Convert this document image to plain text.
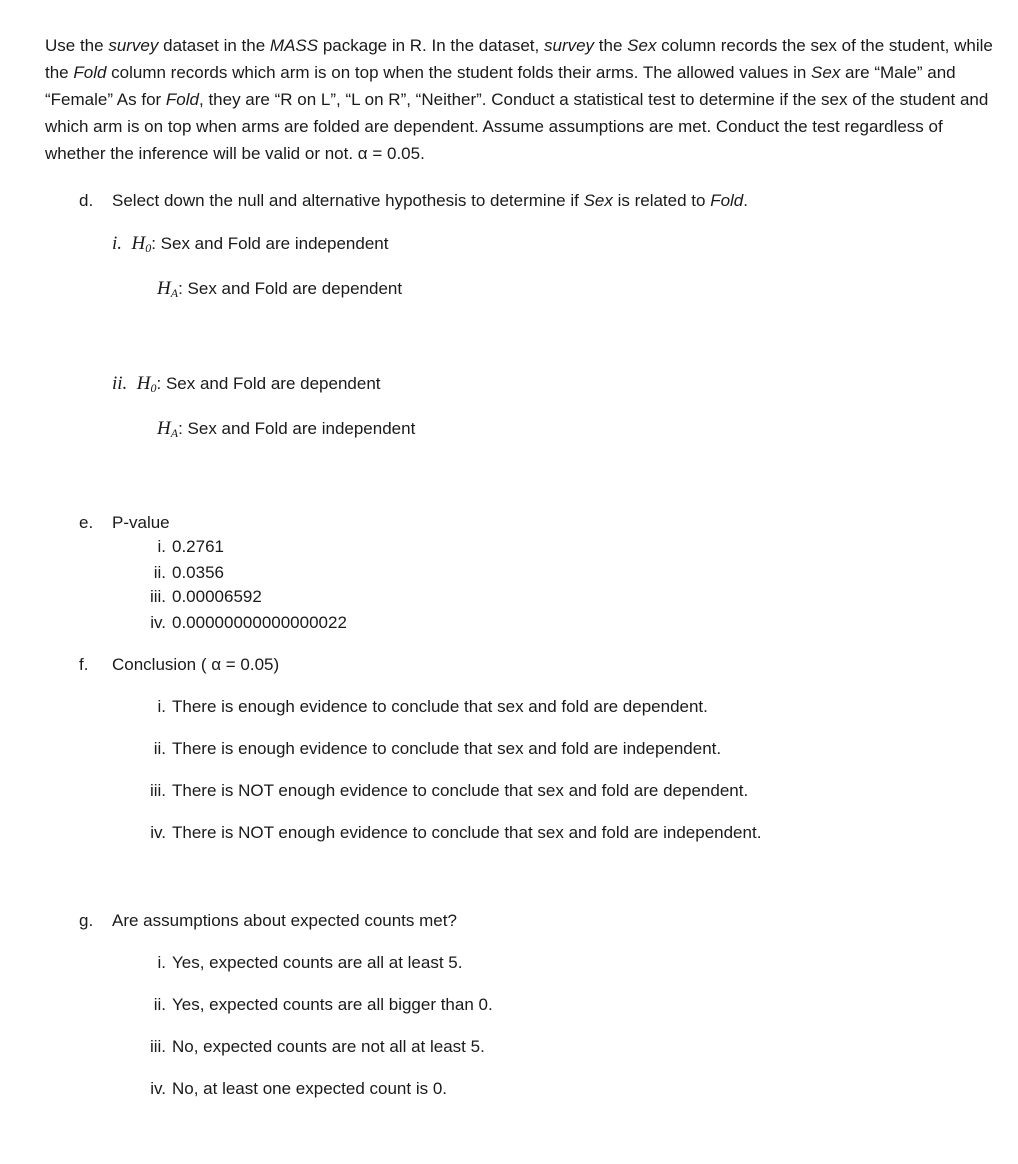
Use the survey dataset in the MASS package in R. In the dataset, survey the Sex column records the sex of the student, while the Fold column records which arm is on top when the student folds their arms. The allowed values in Sex are “Male” and “Female” As for Fold, they are “R on L”, “L on R”, “Neither”. Conduct a statistical test to determine if the sex of the student and which arm is on top when arms are folded are dependent. Assume assumptions are met. Conduct the test regardless of whether the inference will be valid or not. α = 0.05.

d. Select down the null and alternative hypothesis to determine if Sex is related to Fold.
i. $H_0$: Sex and Fold are independent
$H_A$: Sex and Fold are dependent
ii. $H_0$: Sex and Fold are dependent
$H_A$: Sex and Fold are independent
e. P-value
i. 0.2761
ii. 0.0356
iii. 0.00006592
iv. 0.00000000000000022
f. Conclusion ( α = 0.05)
i. There is enough evidence to conclude that sex and fold are dependent.
ii. There is enough evidence to conclude that sex and fold are independent.
iii. There is NOT enough evidence to conclude that sex and fold are dependent.
iv. There is NOT enough evidence to conclude that sex and fold are independent.
g. Are assumptions about expected counts met?
i. Yes, expected counts are all at least 5.
ii. Yes, expected counts are all bigger than 0.
iii. No, expected counts are not all at least 5.
iv. No, at least one expected count is 0.
